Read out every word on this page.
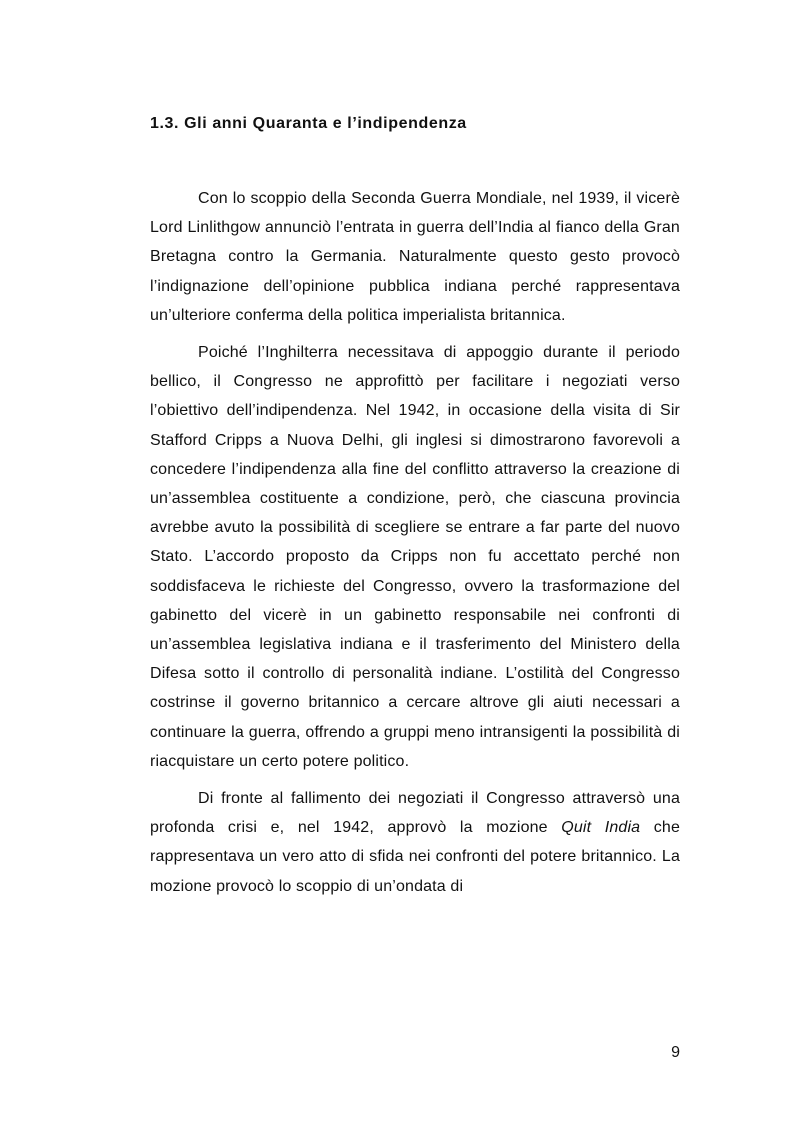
1.3. Gli anni Quaranta e l’indipendenza

Con lo scoppio della Seconda Guerra Mondiale, nel 1939, il vicerè Lord Linlithgow annunciò l’entrata in guerra dell’India al fianco della Gran Bretagna contro la Germania. Naturalmente questo gesto provocò l’indignazione dell’opinione pubblica indiana perché rappresentava un’ulteriore conferma della politica imperialista britannica.

Poiché l’Inghilterra necessitava di appoggio durante il periodo bellico, il Congresso ne approfittò per facilitare i negoziati verso l’obiettivo dell’indipendenza. Nel 1942, in occasione della visita di Sir Stafford Cripps a Nuova Delhi, gli inglesi si dimostrarono favorevoli a concedere l’indipendenza alla fine del conflitto attraverso la creazione di un’assemblea costituente a condizione, però, che ciascuna provincia avrebbe avuto la possibilità di scegliere se entrare a far parte del nuovo Stato. L’accordo proposto da Cripps non fu accettato perché non soddisfaceva le richieste del Congresso, ovvero la trasformazione del gabinetto del vicerè in un gabinetto responsabile nei confronti di un’assemblea legislativa indiana e il trasferimento del Ministero della Difesa sotto il controllo di personalità indiane. L’ostilità del Congresso costrinse il governo britannico a cercare altrove gli aiuti necessari a continuare la guerra, offrendo a gruppi meno intransigenti la possibilità di riacquistare un certo potere politico.

Di fronte al fallimento dei negoziati il Congresso attraversò una profonda crisi e, nel 1942, approvò la mozione Quit India che rappresentava un vero atto di sfida nei confronti del potere britannico. La mozione provocò lo scoppio di un’ondata di

9
